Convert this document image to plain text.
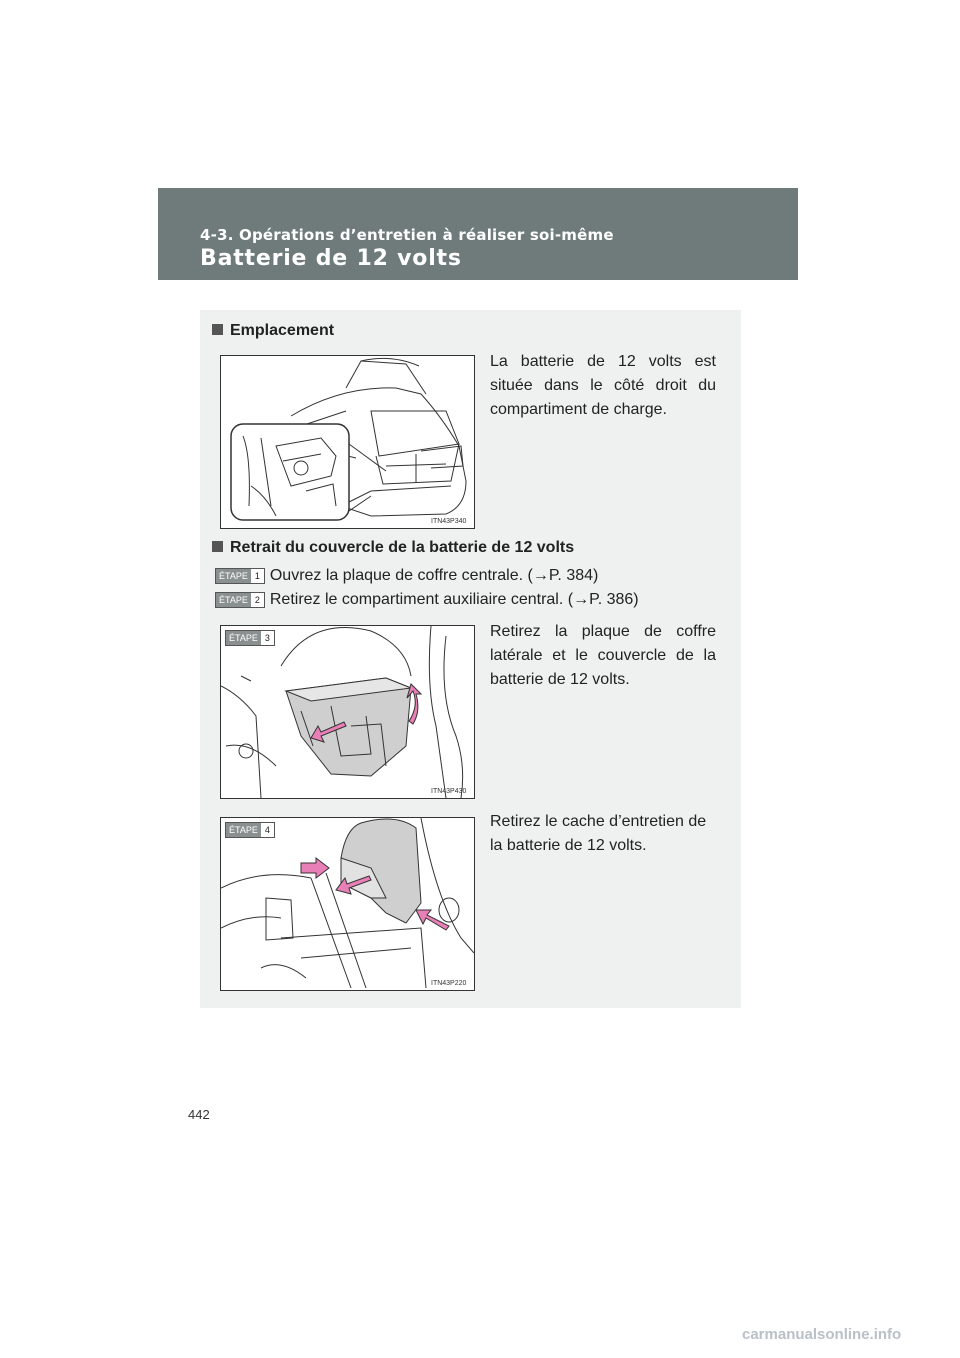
4-3. Opérations d’entretien à réaliser soi-même
Batterie de 12 volts
Emplacement
ITN43P340
La batterie de 12 volts est située dans le côté droit du compartiment de charge.
Retrait du couvercle de la batterie de 12 volts
ÉTAPE 1 Ouvrez la plaque de coffre centrale. (→P. 384)
ÉTAPE 2 Retirez le compartiment auxiliaire central. (→P. 386)
ÉTAPE 3
ITN43P430
Retirez la plaque de coffre latérale et le couvercle de la batterie de 12 volts.
ÉTAPE 4
ITN43P220
Retirez le cache d’entretien de la batterie de 12 volts.
442
carmanualsonline.info
